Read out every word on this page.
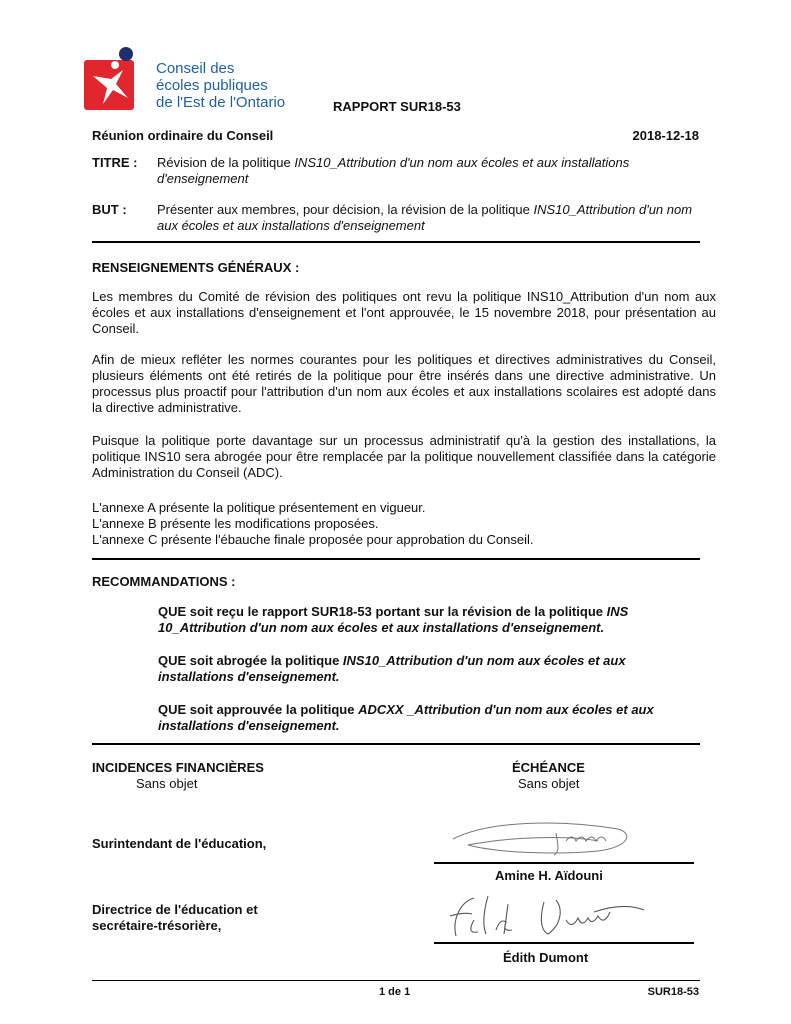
Conseil des
écoles publiques
de l'Est de l'Ontario	RAPPORT SUR18-53
Réunion ordinaire du Conseil	2018-12-18
TITRE : Révision de la politique INS10_Attribution d'un nom aux écoles et aux installations d'enseignement
BUT : Présenter aux membres, pour décision, la révision de la politique INS10_Attribution d'un nom aux écoles et aux installations d'enseignement
RENSEIGNEMENTS GÉNÉRAUX :

Les membres du Comité de révision des politiques ont revu la politique INS10_Attribution d'un nom aux écoles et aux installations d'enseignement et l'ont approuvée, le 15 novembre 2018, pour présentation au Conseil.

Afin de mieux refléter les normes courantes pour les politiques et directives administratives du Conseil, plusieurs éléments ont été retirés de la politique pour être insérés dans une directive administrative. Un processus plus proactif pour l'attribution d'un nom aux écoles et aux installations scolaires est adopté dans la directive administrative.

Puisque la politique porte davantage sur un processus administratif qu'à la gestion des installations, la politique INS10 sera abrogée pour être remplacée par la politique nouvellement classifiée dans la catégorie Administration du Conseil (ADC).

L'annexe A présente la politique présentement en vigueur.
L'annexe B présente les modifications proposées.
L'annexe C présente l'ébauche finale proposée pour approbation du Conseil.
RECOMMANDATIONS :

QUE soit reçu le rapport SUR18-53 portant sur la révision de la politique INS 10_Attribution d'un nom aux écoles et aux installations d'enseignement.

QUE soit abrogée la politique INS10_Attribution d'un nom aux écoles et aux installations d'enseignement.

QUE soit approuvée la politique ADCXX _Attribution d'un nom aux écoles et aux installations d'enseignement.

INCIDENCES FINANCIÈRES
Sans objet
ÉCHÉANCE
Sans objet
Surintendant de l'éducation,
Amine H. Aïdouni
Directrice de l'éducation et
secrétaire-trésorière,
Édith Dumont
1 de 1	SUR18-53
